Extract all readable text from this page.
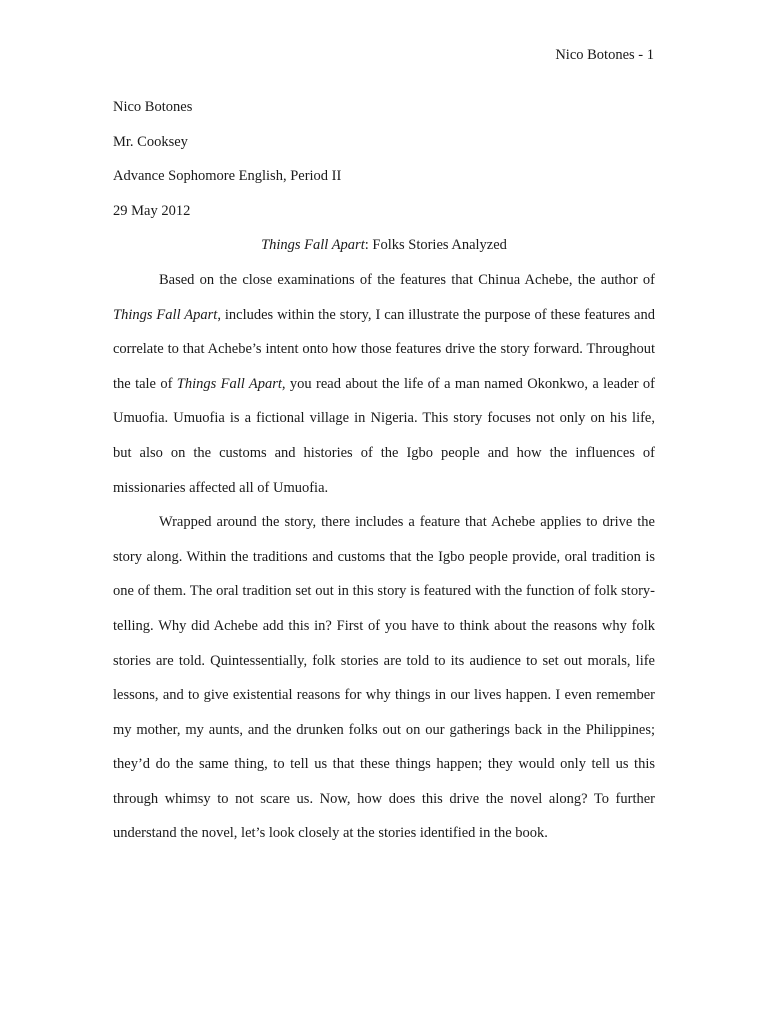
Nico Botones - 1
Nico Botones
Mr. Cooksey
Advance Sophomore English, Period II
29 May 2012
Things Fall Apart: Folks Stories Analyzed

Based on the close examinations of the features that Chinua Achebe, the author of Things Fall Apart, includes within the story, I can illustrate the purpose of these features and correlate to that Achebe’s intent onto how those features drive the story forward. Throughout the tale of Things Fall Apart, you read about the life of a man named Okonkwo, a leader of Umuofia. Umuofia is a fictional village in Nigeria. This story focuses not only on his life, but also on the customs and histories of the Igbo people and how the influences of missionaries affected all of Umuofia.

Wrapped around the story, there includes a feature that Achebe applies to drive the story along. Within the traditions and customs that the Igbo people provide, oral tradition is one of them. The oral tradition set out in this story is featured with the function of folk story-telling. Why did Achebe add this in? First of you have to think about the reasons why folk stories are told. Quintessentially, folk stories are told to its audience to set out morals, life lessons, and to give existential reasons for why things in our lives happen. I even remember my mother, my aunts, and the drunken folks out on our gatherings back in the Philippines; they’d do the same thing, to tell us that these things happen; they would only tell us this through whimsy to not scare us. Now, how does this drive the novel along? To further understand the novel, let’s look closely at the stories identified in the book.
